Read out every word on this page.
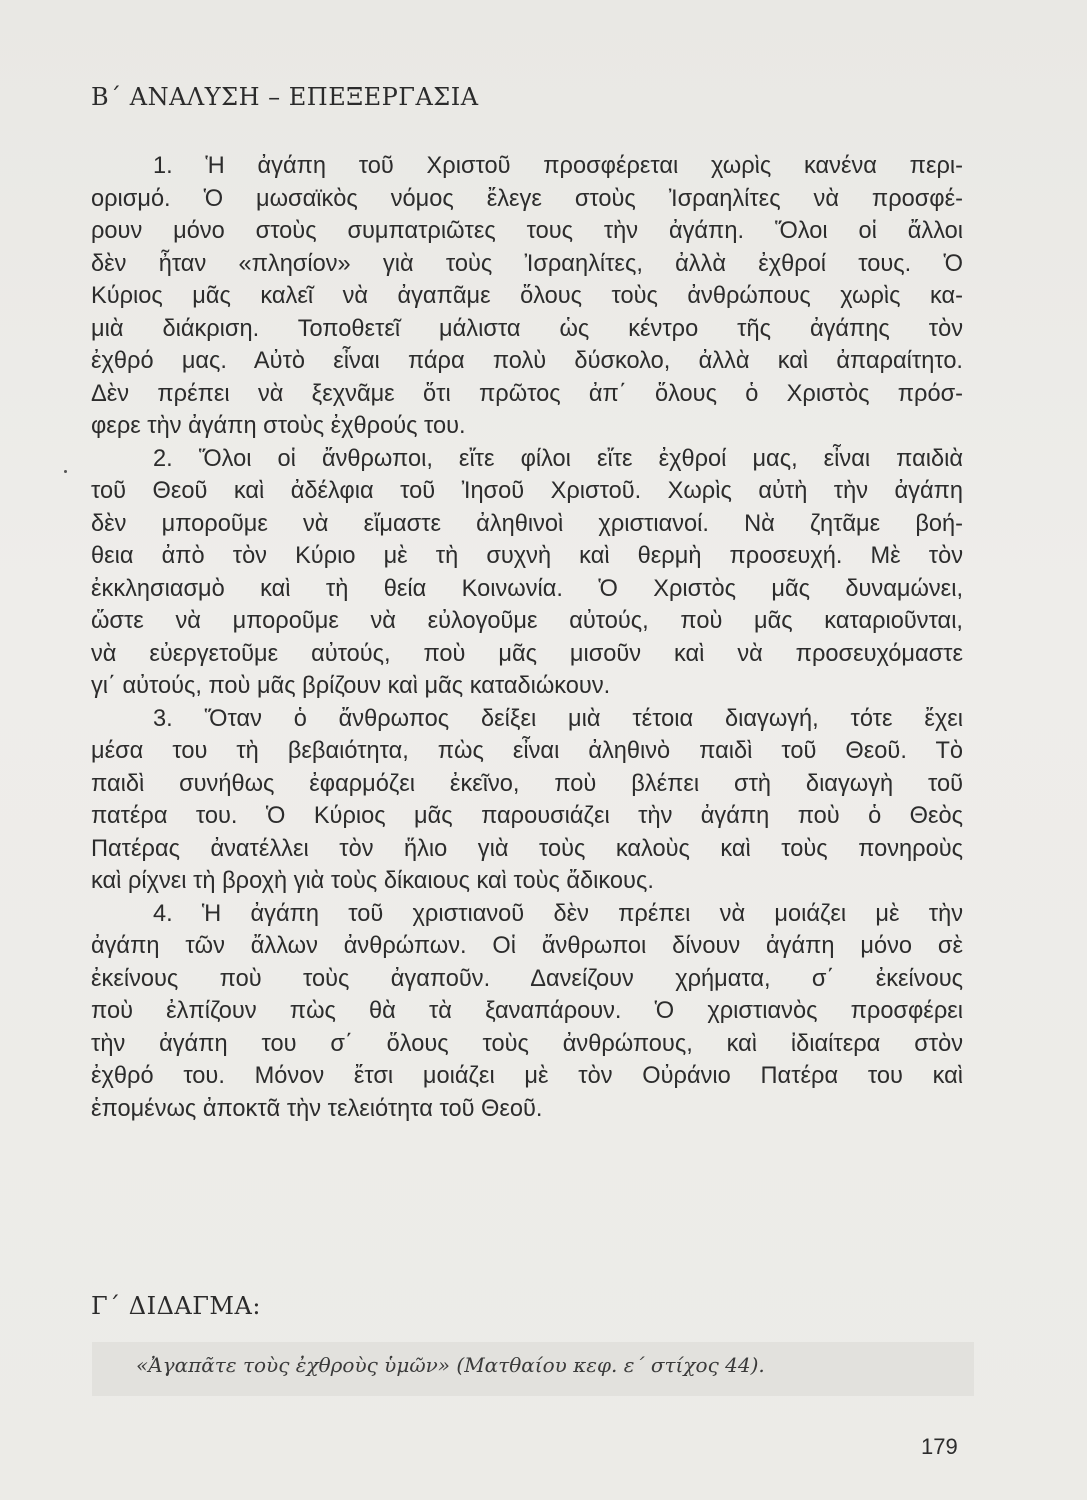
Β΄ ΑΝΑΛΥΣΗ – ΕΠΕΞΕΡΓΑΣΙΑ
1. Ἡ ἀγάπη τοῦ Χριστοῦ προσφέρεται χωρὶς κανένα περι-
ορισμό. Ὁ μωσαϊκὸς νόμος ἔλεγε στοὺς Ἰσραηλίτες νὰ προσφέ-
ρουν μόνο στοὺς συμπατριῶτες τους τὴν ἀγάπη. Ὅλοι οἱ ἄλλοι
δὲν ἦταν «πλησίον» γιὰ τοὺς Ἰσραηλίτες, ἀλλὰ ἐχθροί τους. Ὁ
Κύριος μᾶς καλεῖ νὰ ἀγαπᾶμε ὅλους τοὺς ἀνθρώπους χωρὶς κα-
μιὰ διάκριση. Τοποθετεῖ μάλιστα ὡς κέντρο τῆς ἀγάπης τὸν
ἐχθρό μας. Αὐτὸ εἶναι πάρα πολὺ δύσκολο, ἀλλὰ καὶ ἀπαραίτητο.
Δὲν πρέπει νὰ ξεχνᾶμε ὅτι πρῶτος ἀπ΄ ὅλους ὁ Χριστὸς πρόσ-
φερε τὴν ἀγάπη στοὺς ἐχθρούς του.
2. Ὅλοι οἱ ἄνθρωποι, εἴτε φίλοι εἴτε ἐχθροί μας, εἶναι παιδιὰ
τοῦ Θεοῦ καὶ ἀδέλφια τοῦ Ἰησοῦ Χριστοῦ. Χωρὶς αὐτὴ τὴν ἀγάπη
δὲν μποροῦμε νὰ εἴμαστε ἀληθινοὶ χριστιανοί. Νὰ ζητᾶμε βοή-
θεια ἀπὸ τὸν Κύριο μὲ τὴ συχνὴ καὶ θερμὴ προσευχή. Μὲ τὸν
ἐκκλησιασμὸ καὶ τὴ θεία Κοινωνία. Ὁ Χριστὸς μᾶς δυναμώνει,
ὥστε νὰ μποροῦμε νὰ εὐλογοῦμε αὐτούς, ποὺ μᾶς καταριοῦνται,
νὰ εὐεργετοῦμε αὐτούς, ποὺ μᾶς μισοῦν καὶ νὰ προσευχόμαστε
γι΄ αὐτούς, ποὺ μᾶς βρίζουν καὶ μᾶς καταδιώκουν.
3. Ὅταν ὁ ἄνθρωπος δείξει μιὰ τέτοια διαγωγή, τότε ἔχει
μέσα του τὴ βεβαιότητα, πὼς εἶναι ἀληθινὸ παιδὶ τοῦ Θεοῦ. Τὸ
παιδὶ συνήθως ἐφαρμόζει ἐκεῖνο, ποὺ βλέπει στὴ διαγωγὴ τοῦ
πατέρα του. Ὁ Κύριος μᾶς παρουσιάζει τὴν ἀγάπη ποὺ ὁ Θεὸς
Πατέρας ἀνατέλλει τὸν ἥλιο γιὰ τοὺς καλοὺς καὶ τοὺς πονηροὺς
καὶ ρίχνει τὴ βροχὴ γιὰ τοὺς δίκαιους καὶ τοὺς ἄδικους.
4. Ἡ ἀγάπη τοῦ χριστιανοῦ δὲν πρέπει νὰ μοιάζει μὲ τὴν
ἀγάπη τῶν ἄλλων ἀνθρώπων. Οἱ ἄνθρωποι δίνουν ἀγάπη μόνο σὲ
ἐκείνους ποὺ τοὺς ἀγαποῦν. Δανείζουν χρήματα, σ΄ ἐκείνους
ποὺ ἐλπίζουν πὼς θὰ τὰ ξαναπάρουν. Ὁ χριστιανὸς προσφέρει
τὴν ἀγάπη του σ΄ ὅλους τοὺς ἀνθρώπους, καὶ ἰδιαίτερα στὸν
ἐχθρό του. Μόνον ἔτσι μοιάζει μὲ τὸν Οὐράνιο Πατέρα του καὶ
ἑπομένως ἀποκτᾶ τὴν τελειότητα τοῦ Θεοῦ.
Γ΄ ΔΙΔΑΓΜΑ:
«Ἀγαπᾶτε τοὺς ἐχθροὺς ὑμῶν» (Ματθαίου κεφ. ε΄ στίχος 44).
179
